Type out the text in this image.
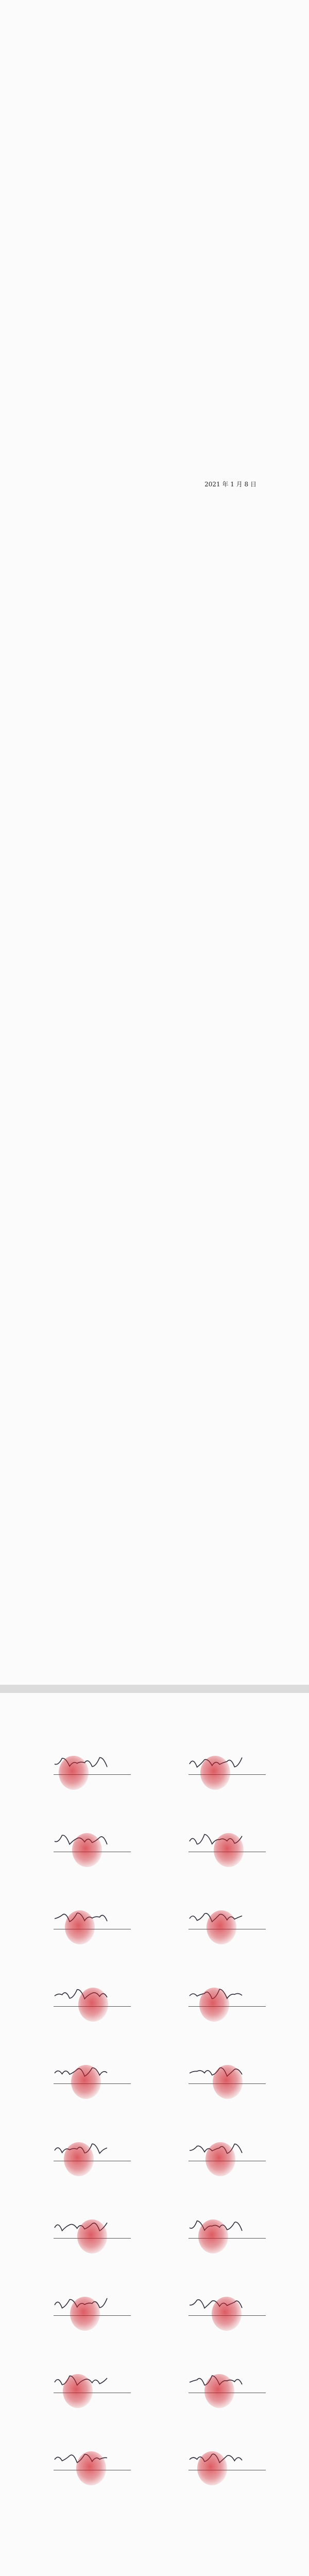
2021 年 1 月 8 日
